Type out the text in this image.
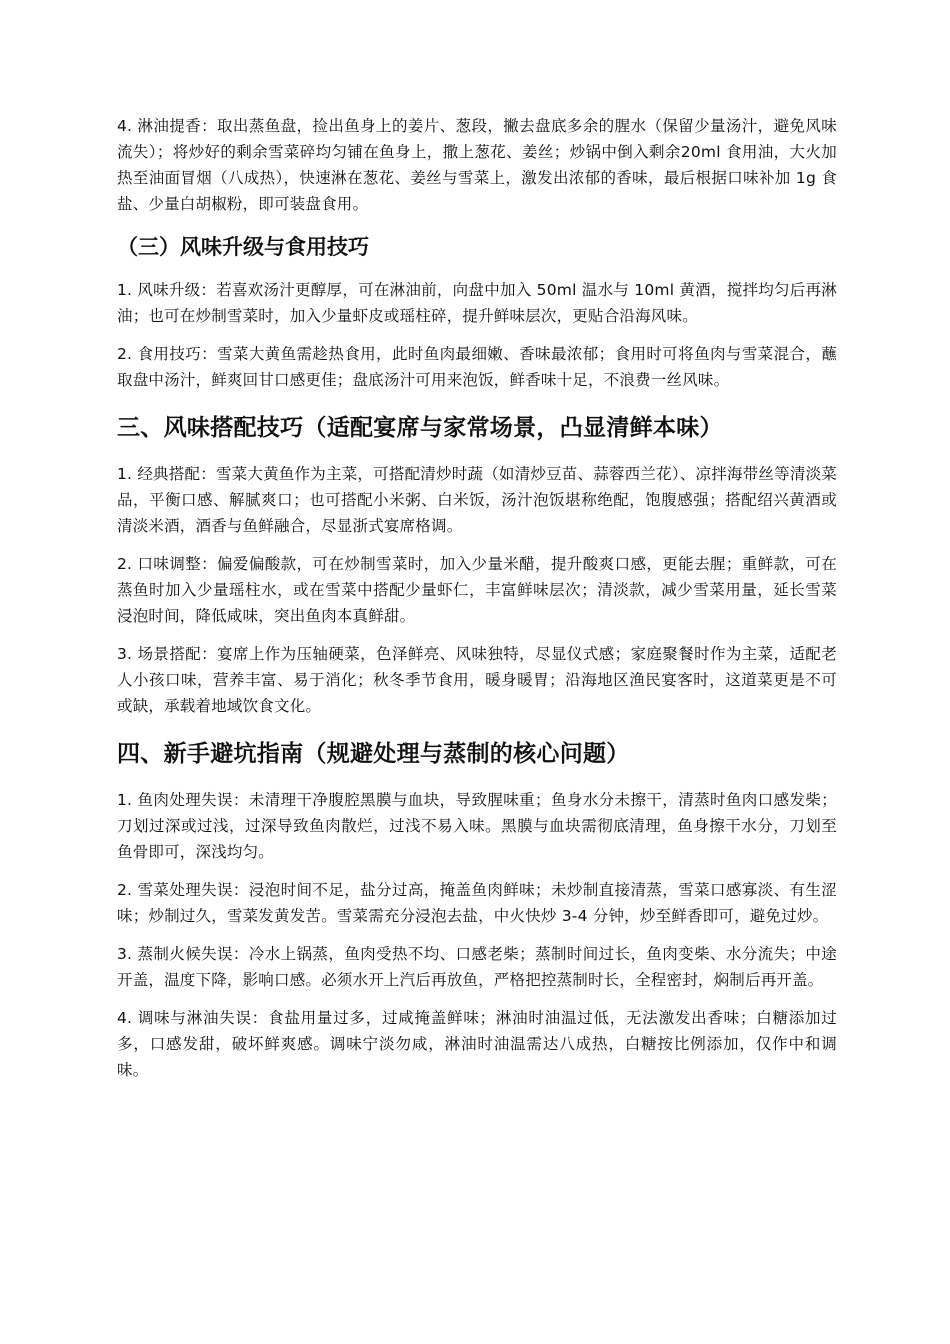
4. 淋油提香：取出蒸鱼盘，捡出鱼身上的姜片、葱段，撇去盘底多余的腥水（保留少量汤汁，避免风味流失）；将炒好的剩余雪菜碎均匀铺在鱼身上，撒上葱花、姜丝；炒锅中倒入剩余20ml 食用油，大火加热至油面冒烟（八成热），快速淋在葱花、姜丝与雪菜上，激发出浓郁的香味，最后根据口味补加 1g 食盐、少量白胡椒粉，即可装盘食用。

（三）风味升级与食用技巧

1. 风味升级：若喜欢汤汁更醇厚，可在淋油前，向盘中加入 50ml 温水与 10ml 黄酒，搅拌均匀后再淋油；也可在炒制雪菜时，加入少量虾皮或瑶柱碎，提升鲜味层次，更贴合沿海风味。

2. 食用技巧：雪菜大黄鱼需趁热食用，此时鱼肉最细嫩、香味最浓郁；食用时可将鱼肉与雪菜混合，蘸取盘中汤汁，鲜爽回甘口感更佳；盘底汤汁可用来泡饭，鲜香味十足，不浪费一丝风味。

三、风味搭配技巧（适配宴席与家常场景，凸显清鲜本味）

1. 经典搭配：雪菜大黄鱼作为主菜，可搭配清炒时蔬（如清炒豆苗、蒜蓉西兰花）、凉拌海带丝等清淡菜品，平衡口感、解腻爽口；也可搭配小米粥、白米饭，汤汁泡饭堪称绝配，饱腹感强；搭配绍兴黄酒或清淡米酒，酒香与鱼鲜融合，尽显浙式宴席格调。

2. 口味调整：偏爱偏酸款，可在炒制雪菜时，加入少量米醋，提升酸爽口感，更能去腥；重鲜款，可在蒸鱼时加入少量瑶柱水，或在雪菜中搭配少量虾仁，丰富鲜味层次；清淡款，减少雪菜用量，延长雪菜浸泡时间，降低咸味，突出鱼肉本真鲜甜。

3. 场景搭配：宴席上作为压轴硬菜，色泽鲜亮、风味独特，尽显仪式感；家庭聚餐时作为主菜，适配老人小孩口味，营养丰富、易于消化；秋冬季节食用，暖身暖胃；沿海地区渔民宴客时，这道菜更是不可或缺，承载着地域饮食文化。

四、新手避坑指南（规避处理与蒸制的核心问题）

1. 鱼肉处理失误：未清理干净腹腔黑膜与血块，导致腥味重；鱼身水分未擦干，清蒸时鱼肉口感发柴；刀划过深或过浅，过深导致鱼肉散烂，过浅不易入味。黑膜与血块需彻底清理，鱼身擦干水分，刀划至鱼骨即可，深浅均匀。

2. 雪菜处理失误：浸泡时间不足，盐分过高，掩盖鱼肉鲜味；未炒制直接清蒸，雪菜口感寡淡、有生涩味；炒制过久，雪菜发黄发苦。雪菜需充分浸泡去盐，中火快炒 3-4 分钟，炒至鲜香即可，避免过炒。

3. 蒸制火候失误：冷水上锅蒸，鱼肉受热不均、口感老柴；蒸制时间过长，鱼肉变柴、水分流失；中途开盖，温度下降，影响口感。必须水开上汽后再放鱼，严格把控蒸制时长，全程密封，焖制后再开盖。

4. 调味与淋油失误：食盐用量过多，过咸掩盖鲜味；淋油时油温过低，无法激发出香味；白糖添加过多，口感发甜，破坏鲜爽感。调味宁淡勿咸，淋油时油温需达八成热，白糖按比例添加，仅作中和调味。
